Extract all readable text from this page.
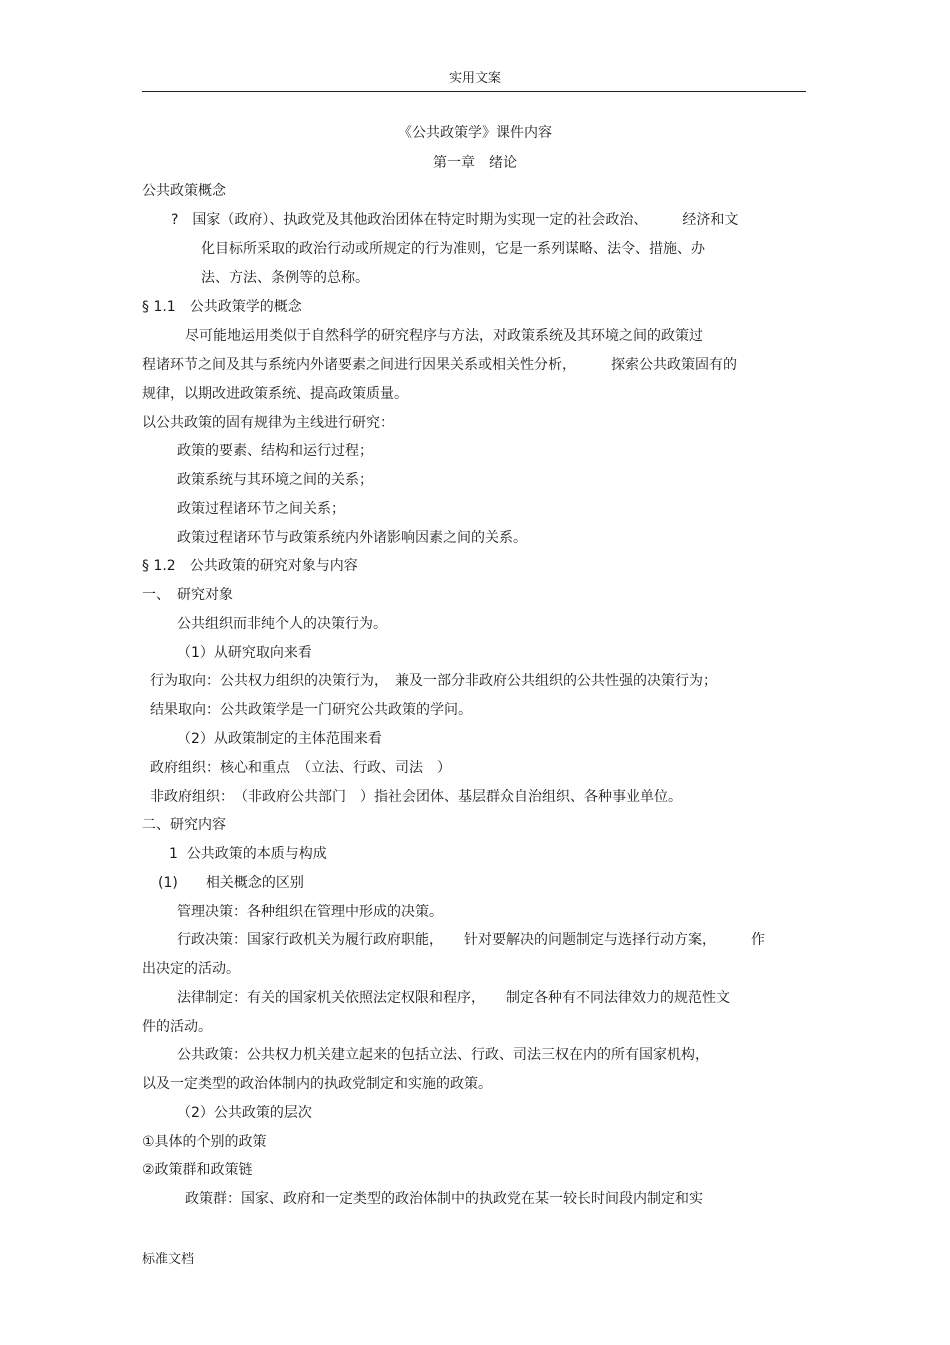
实用文案
《公共政策学》课件内容
第一章　绪论
公共政策概念
?　国家（政府）、执政党及其他政治团体在特定时期为实现一定的社会政治、　　　经济和文
化目标所采取的政治行动或所规定的行为准则，它是一系列谋略、法令、措施、办
法、方法、条例等的总称。
§ 1.1　公共政策学的概念
尽可能地运用类似于自然科学的研究程序与方法，对政策系统及其环境之间的政策过
程诸环节之间及其与系统内外诸要素之间进行因果关系或相关性分析，　　　探索公共政策固有的
规律，以期改进政策系统、提高政策质量。
以公共政策的固有规律为主线进行研究：
政策的要素、结构和运行过程；
政策系统与其环境之间的关系；
政策过程诸环节之间关系；
政策过程诸环节与政策系统内外诸影响因素之间的关系。
§ 1.2　公共政策的研究对象与内容
一、　研究对象
公共组织而非纯个人的决策行为。
（1）从研究取向来看
行为取向：公共权力组织的决策行为，　兼及一部分非政府公共组织的公共性强的决策行为；
结果取向：公共政策学是一门研究公共政策的学问。
（2）从政策制定的主体范围来看
政府组织：核心和重点　（立法、行政、司法　）
非政府组织：　（非政府公共部门　）指社会团体、基层群众自治组织、各种事业单位。
二、研究内容
1  公共政策的本质与构成
(1)　　相关概念的区别
管理决策：各种组织在管理中形成的决策。
行政决策：国家行政机关为履行政府职能，　　针对要解决的问题制定与选择行动方案，　　　作
出决定的活动。
法律制定：有关的国家机关依照法定权限和程序，　　制定各种有不同法律效力的规范性文
件的活动。
公共政策：公共权力机关建立起来的包括立法、行政、司法三权在内的所有国家机构，
以及一定类型的政治体制内的执政党制定和实施的政策。
（2）公共政策的层次
①具体的个别的政策
②政策群和政策链
政策群：国家、政府和一定类型的政治体制中的执政党在某一较长时间段内制定和实
标准文档
